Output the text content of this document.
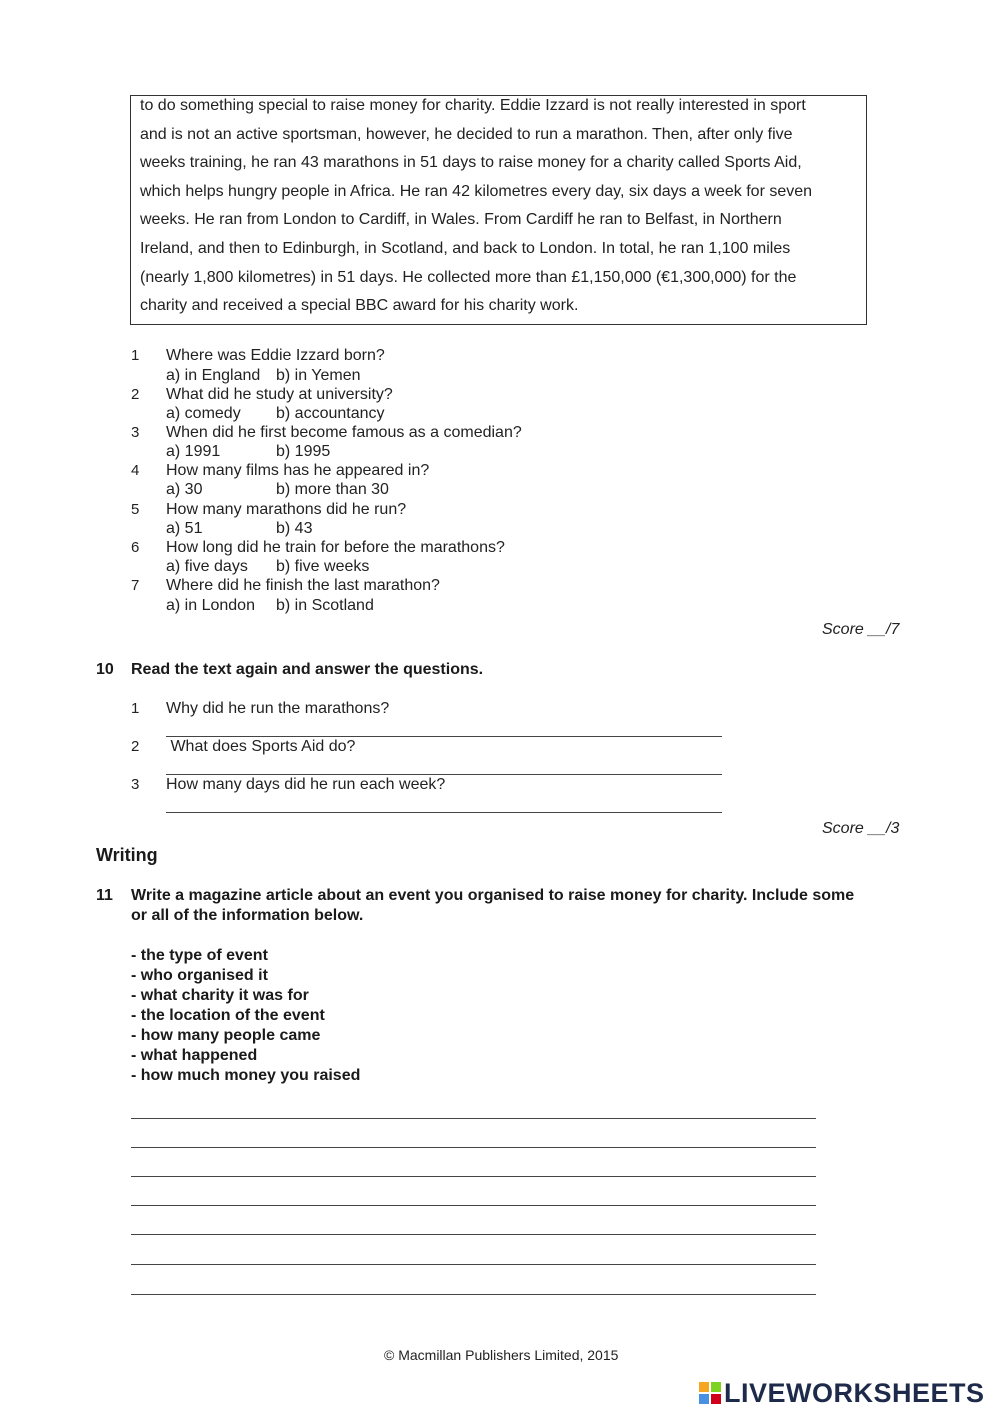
to do something special to raise money for charity. Eddie Izzard is not really interested in sport
and is not an active sportsman, however, he decided to run a marathon. Then, after only five
weeks training, he ran 43 marathons in 51 days to raise money for a charity called Sports Aid,
which helps hungry people in Africa. He ran 42 kilometres every day, six days a week for seven
weeks. He ran from London to Cardiff, in Wales. From Cardiff he ran to Belfast, in Northern
Ireland, and then to Edinburgh, in Scotland, and back to London. In total, he ran 1,100 miles
(nearly 1,800 kilometres) in 51 days. He collected more than £1,150,000 (€1,300,000) for the
charity and received a special BBC award for his charity work.
1 Where was Eddie Izzard born?
a) in England b) in Yemen
2 What did he study at university?
a) comedy b) accountancy
3 When did he first become famous as a comedian?
a) 1991	b) 1995
4 How many films has he appeared in?
a) 30	b) more than 30
5 How many marathons did he run?
a) 51	b) 43
6 How long did he train for before the marathons?
a) five days b) five weeks
7 Where did he finish the last marathon?
a) in London b) in Scotland
Score __/7
10 Read the text again and answer the questions.
1 Why did he run the marathons?
2 What does Sports Aid do?
3 How many days did he run each week?
Score __/3
Writing
11 Write a magazine article about an event you organised to raise money for charity. Include some
or all of the information below.
- the type of event
- who organised it
- what charity it was for
- the location of the event
- how many people came
- what happened
- how much money you raised
© Macmillan Publishers Limited, 2015
LIVEWORKSHEETS
